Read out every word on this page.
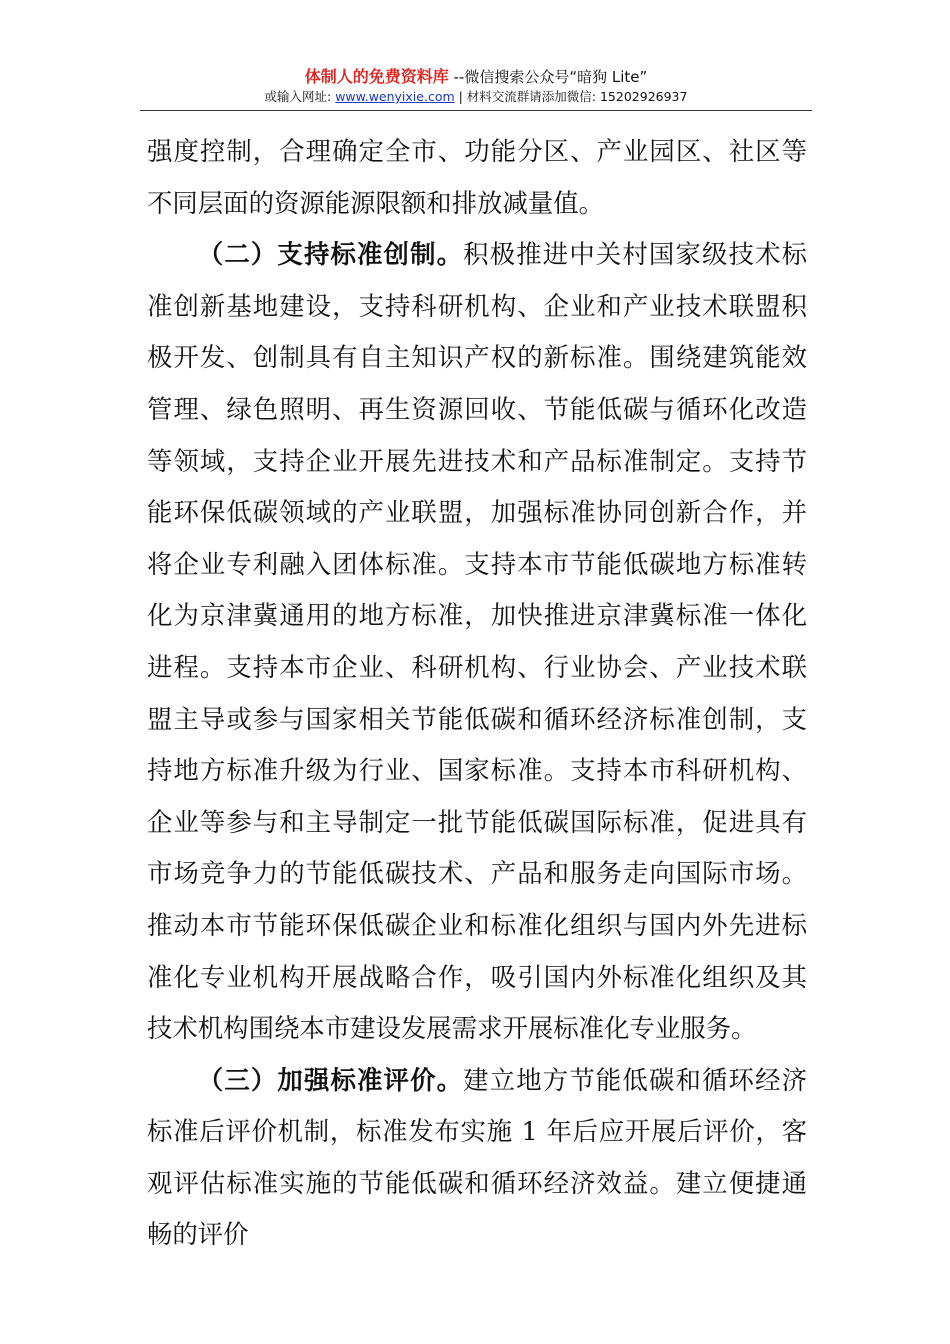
体制人的免费资料库 --微信搜索公众号“暗狗 Lite”
或输入网址: www.wenyixie.com | 材料交流群请添加微信: 15202926937

强度控制，合理确定全市、功能分区、产业园区、社区等不同层面的资源能源限额和排放减量值。

（二）支持标准创制。积极推进中关村国家级技术标准创新基地建设，支持科研机构、企业和产业技术联盟积极开发、创制具有自主知识产权的新标准。围绕建筑能效管理、绿色照明、再生资源回收、节能低碳与循环化改造等领域，支持企业开展先进技术和产品标准制定。支持节能环保低碳领域的产业联盟，加强标准协同创新合作，并将企业专利融入团体标准。支持本市节能低碳地方标准转化为京津冀通用的地方标准，加快推进京津冀标准一体化进程。支持本市企业、科研机构、行业协会、产业技术联盟主导或参与国家相关节能低碳和循环经济标准创制，支持地方标准升级为行业、国家标准。支持本市科研机构、企业等参与和主导制定一批节能低碳国际标准，促进具有市场竞争力的节能低碳技术、产品和服务走向国际市场。推动本市节能环保低碳企业和标准化组织与国内外先进标准化专业机构开展战略合作，吸引国内外标准化组织及其技术机构围绕本市建设发展需求开展标准化专业服务。

（三）加强标准评价。建立地方节能低碳和循环经济标准后评价机制，标准发布实施 1 年后应开展后评价，客观评估标准实施的节能低碳和循环经济效益。建立便捷通畅的评价
